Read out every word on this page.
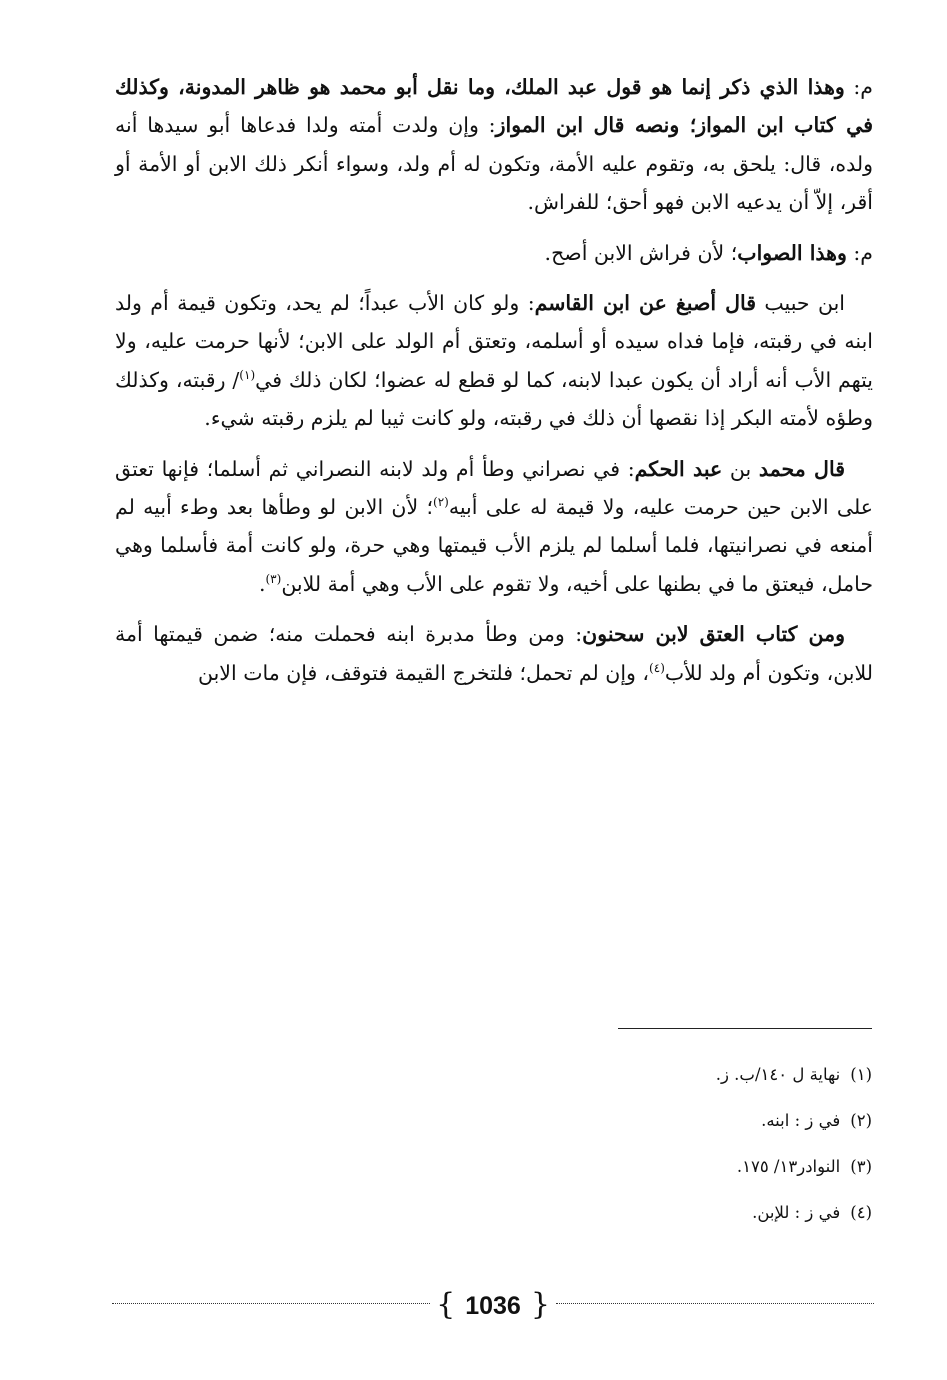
م: وهذا الذي ذكر إنما هو قول عبد الملك، وما نقل أبو محمد هو ظاهر المدونة، وكذلك في كتاب ابن المواز؛ ونصه قال ابن المواز: وإن ولدت أمته ولدا فدعاها أبو سيدها أنه ولده، قال: يلحق به، وتقوم عليه الأمة، وتكون له أم ولد، وسواء أنكر ذلك الابن أو الأمة أو أقر، إلاّ أن يدعيه الابن فهو أحق؛ للفراش.

م: وهذا الصواب؛ لأن فراش الابن أصح.

ابن حبيب قال أصبغ عن ابن القاسم: ولو كان الأب عبداً؛ لم يحد، وتكون قيمة أم ولد ابنه في رقبته، فإما فداه سيده أو أسلمه، وتعتق أم الولد على الابن؛ لأنها حرمت عليه، ولا يتهم الأب أنه أراد أن يكون عبدا لابنه، كما لو قطع له عضوا؛ لكان ذلك في$^{(١)}$/ رقبته، وكذلك وطؤه لأمته البكر إذا نقصها أن ذلك في رقبته، ولو كانت ثيبا لم يلزم رقبته شيء.

قال محمد بن عبد الحكم: في نصراني وطأ أم ولد لابنه النصراني ثم أسلما؛ فإنها تعتق على الابن حين حرمت عليه، ولا قيمة له على أبيه$^{(٢)}$؛ لأن الابن لو وطأها بعد وطء أبيه لم أمنعه في نصرانيتها، فلما أسلما لم يلزم الأب قيمتها وهي حرة، ولو كانت أمة فأسلما وهي حامل، فيعتق ما في بطنها على أخيه، ولا تقوم على الأب وهي أمة للابن$^{(٣)}$.

ومن كتاب العتق لابن سحنون: ومن وطأ مدبرة ابنه فحملت منه؛ ضمن قيمتها أمة للابن، وتكون أم ولد للأب$^{(٤)}$، وإن لم تحمل؛ فلتخرج القيمة فتوقف، فإن مات الابن

(١)نهاية ل ١٤٠/ب. ز.

(٢)في ز : ابنه.

(٣)النوادر١٣/ ١٧٥.

(٤)في ز : للإبن.

{ 1036 }
